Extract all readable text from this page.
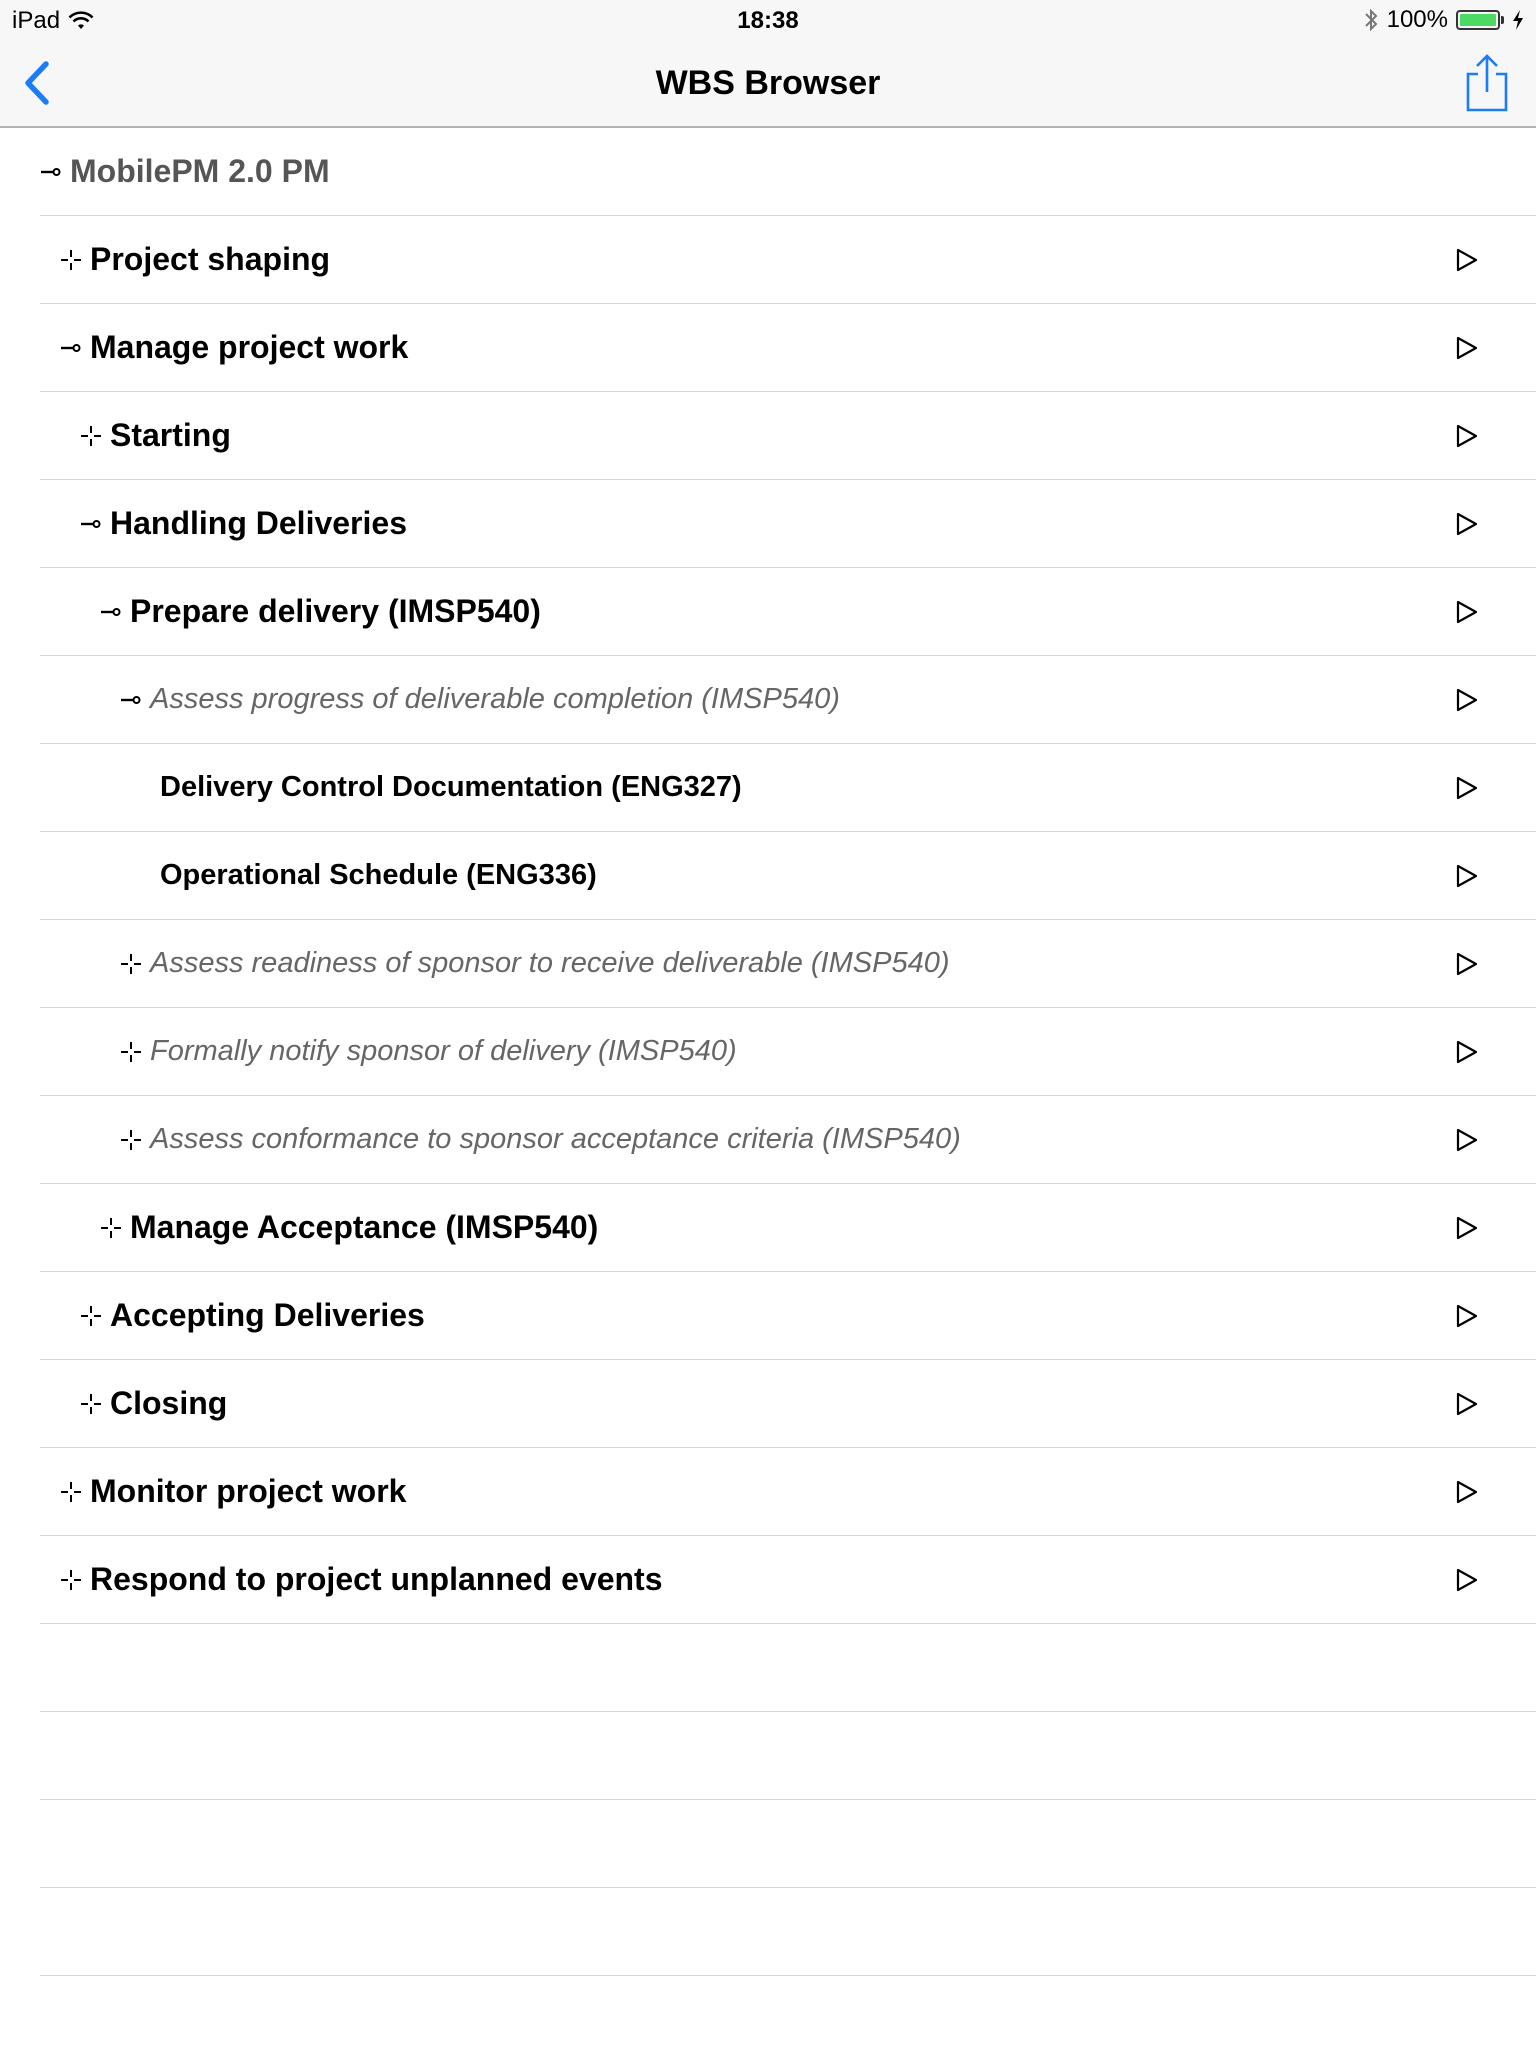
iPad	18:38	100%
WBS Browser
MobilePM 2.0 PM
Project shaping
Manage project work
Starting
Handling Deliveries
Prepare delivery (IMSP540)
Assess progress of deliverable completion (IMSP540)
Delivery Control Documentation (ENG327)
Operational Schedule (ENG336)
Assess readiness of sponsor to receive deliverable (IMSP540)
Formally notify sponsor of delivery (IMSP540)
Assess conformance to sponsor acceptance criteria (IMSP540)
Manage Acceptance (IMSP540)
Accepting Deliveries
Closing
Monitor project work
Respond to project unplanned events
